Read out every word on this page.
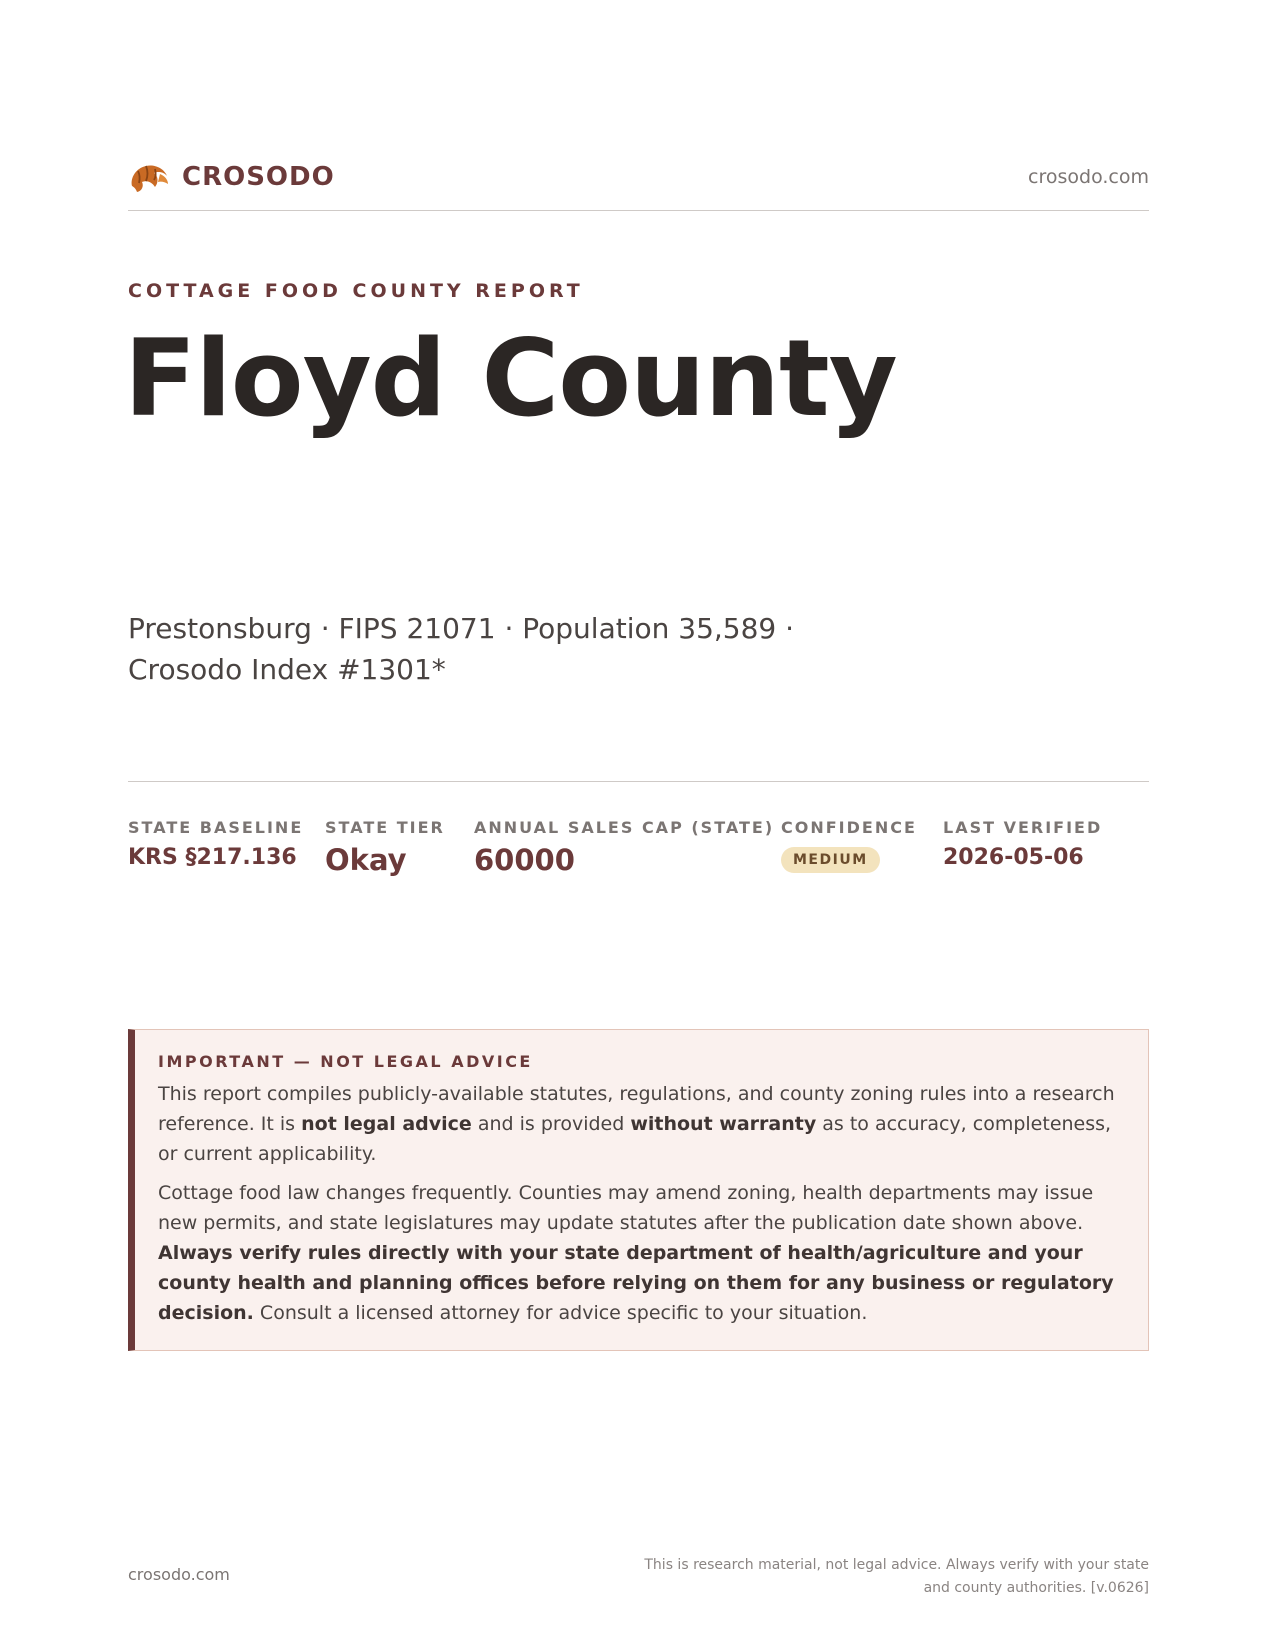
CROSODO	crosodo.com
COTTAGE FOOD COUNTY REPORT
Floyd County

Prestonsburg · FIPS 21071 · Population 35,589 · Crosodo Index #1301*

STATE BASELINE
KRS §217.136
STATE TIER
Okay
ANNUAL SALES CAP (STATE)
60000
CONFIDENCE
MEDIUM
LAST VERIFIED
2026-05-06
IMPORTANT — NOT LEGAL ADVICE

This report compiles publicly-available statutes, regulations, and county zoning rules into a research reference. It is not legal advice and is provided without warranty as to accuracy, completeness, or current applicability.

Cottage food law changes frequently. Counties may amend zoning, health departments may issue new permits, and state legislatures may update statutes after the publication date shown above. Always verify rules directly with your state department of health/agriculture and your county health and planning offices before relying on them for any business or regulatory decision. Consult a licensed attorney for advice specific to your situation.

crosodo.com	This is research material, not legal advice. Always verify with your state
and county authorities. [v.0626]
